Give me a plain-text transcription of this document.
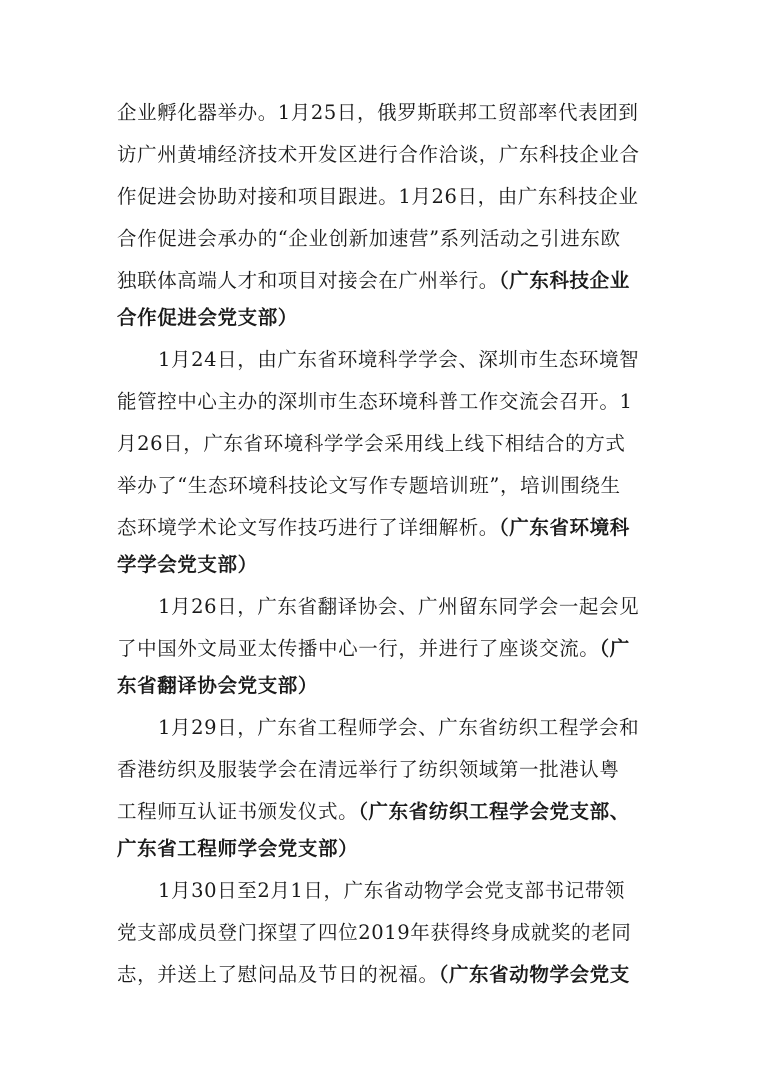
企业孵化器举办。1月25日，俄罗斯联邦工贸部率代表团到
访广州黄埔经济技术开发区进行合作洽谈，广东科技企业合
作促进会协助对接和项目跟进。1月26日，由广东科技企业
合作促进会承办的“企业创新加速营”系列活动之引进东欧
独联体高端人才和项目对接会在广州举行。（广东科技企业
合作促进会党支部）
1月24日，由广东省环境科学学会、深圳市生态环境智
能管控中心主办的深圳市生态环境科普工作交流会召开。1
月26日，广东省环境科学学会采用线上线下相结合的方式
举办了“生态环境科技论文写作专题培训班”，培训围绕生
态环境学术论文写作技巧进行了详细解析。（广东省环境科
学学会党支部）
1月26日，广东省翻译协会、广州留东同学会一起会见
了中国外文局亚太传播中心一行，并进行了座谈交流。（广
东省翻译协会党支部）
1月29日，广东省工程师学会、广东省纺织工程学会和
香港纺织及服装学会在清远举行了纺织领域第一批港认粤
工程师互认证书颁发仪式。（广东省纺织工程学会党支部、
广东省工程师学会党支部）
1月30日至2月1日，广东省动物学会党支部书记带领
党支部成员登门探望了四位2019年获得终身成就奖的老同
志，并送上了慰问品及节日的祝福。（广东省动物学会党支
